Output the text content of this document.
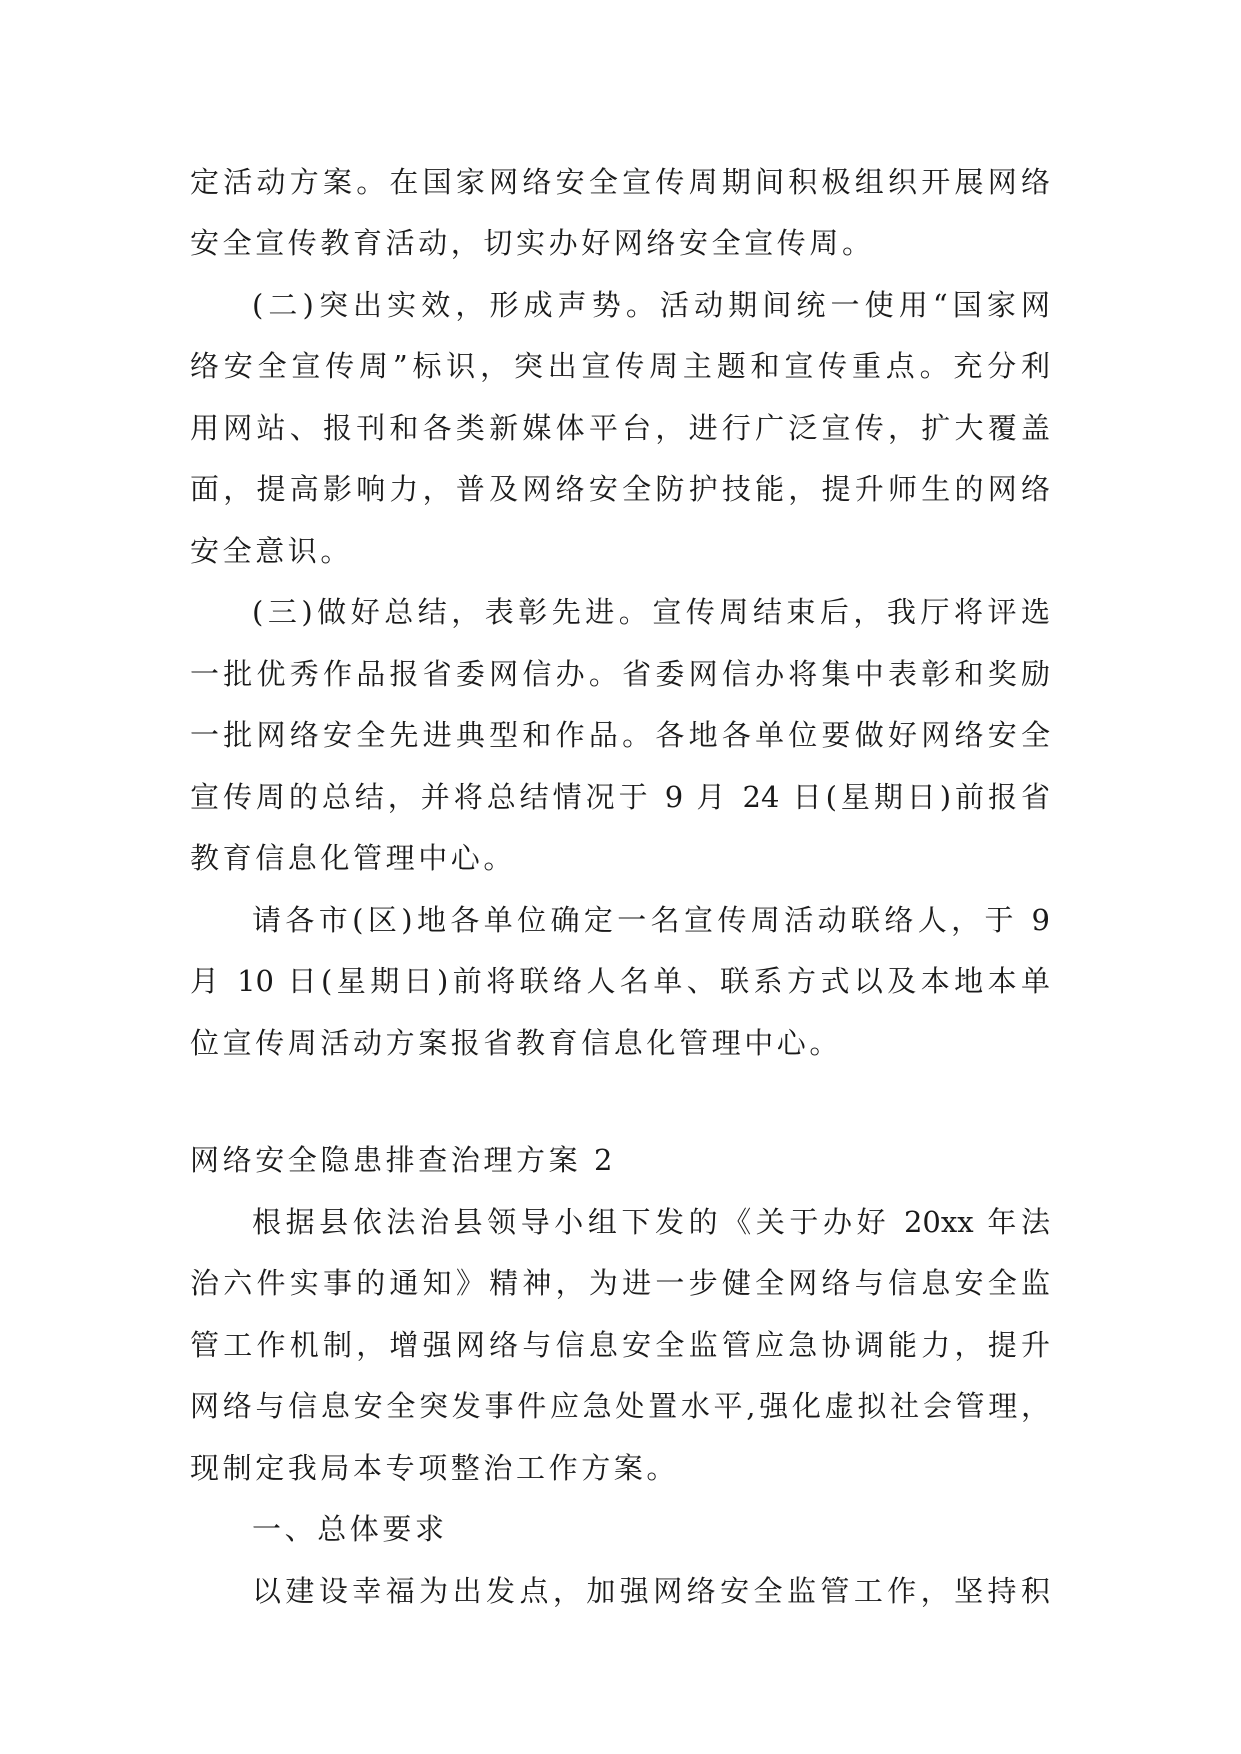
定活动方案。在国家网络安全宣传周期间积极组织开展网络
安全宣传教育活动，切实办好网络安全宣传周。
(二)突出实效，形成声势。活动期间统一使用“国家网
络安全宣传周”标识，突出宣传周主题和宣传重点。充分利
用网站、报刊和各类新媒体平台，进行广泛宣传，扩大覆盖
面，提高影响力，普及网络安全防护技能，提升师生的网络
安全意识。
(三)做好总结，表彰先进。宣传周结束后，我厅将评选
一批优秀作品报省委网信办。省委网信办将集中表彰和奖励
一批网络安全先进典型和作品。各地各单位要做好网络安全
宣传周的总结，并将总结情况于 9 月 24 日(星期日)前报省
教育信息化管理中心。
请各市(区)地各单位确定一名宣传周活动联络人，于 9
月 10 日(星期日)前将联络人名单、联系方式以及本地本单
位宣传周活动方案报省教育信息化管理中心。
网络安全隐患排查治理方案 2
根据县依法治县领导小组下发的《关于办好 20xx 年法
治六件实事的通知》精神，为进一步健全网络与信息安全监
管工作机制，增强网络与信息安全监管应急协调能力，提升
网络与信息安全突发事件应急处置水平,强化虚拟社会管理，
现制定我局本专项整治工作方案。
一、总体要求
以建设幸福为出发点，加强网络安全监管工作，坚持积
